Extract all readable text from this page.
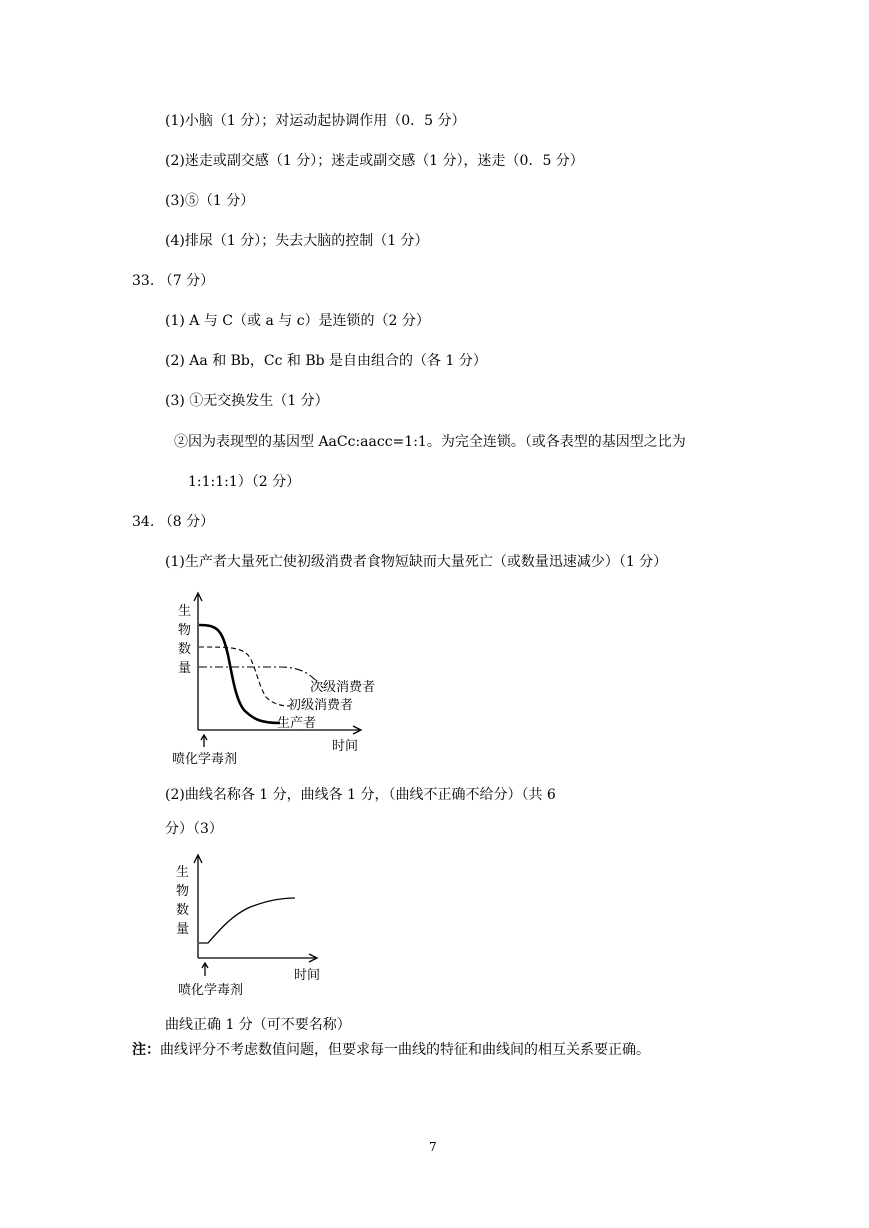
(1)小脑（1 分）；对运动起协调作用（0．5 分）
(2)迷走或副交感（1 分）；迷走或副交感（1 分），迷走（0．5 分）
(3)⑤（1 分）
(4)排尿（1 分）；失去大脑的控制（1 分）
33. （7 分）
(1) A 与 C（或 a 与 c）是连锁的（2 分）
(2) Aa 和 Bb，Cc 和 Bb 是自由组合的（各 1 分）
(3) ①无交换发生（1 分）
②因为表现型的基因型 AaCc:aacc=1:1。为完全连锁。（或各表型的基因型之比为
1:1:1:1）（2 分）
34. （8 分）
(1)生产者大量死亡使初级消费者食物短缺而大量死亡（或数量迅速减少）（1 分）
生
物
数
量
次级消费者
初级消费者
生产者
时间
喷化学毒剂
(2)曲线名称各 1 分，曲线各 1 分，（曲线不正确不给分）（共 6
分）（3）
生
物
数
量
时间
喷化学毒剂
曲线正确 1 分（可不要名称）
注：曲线评分不考虑数值问题，但要求每一曲线的特征和曲线间的相互关系要正确。
7
